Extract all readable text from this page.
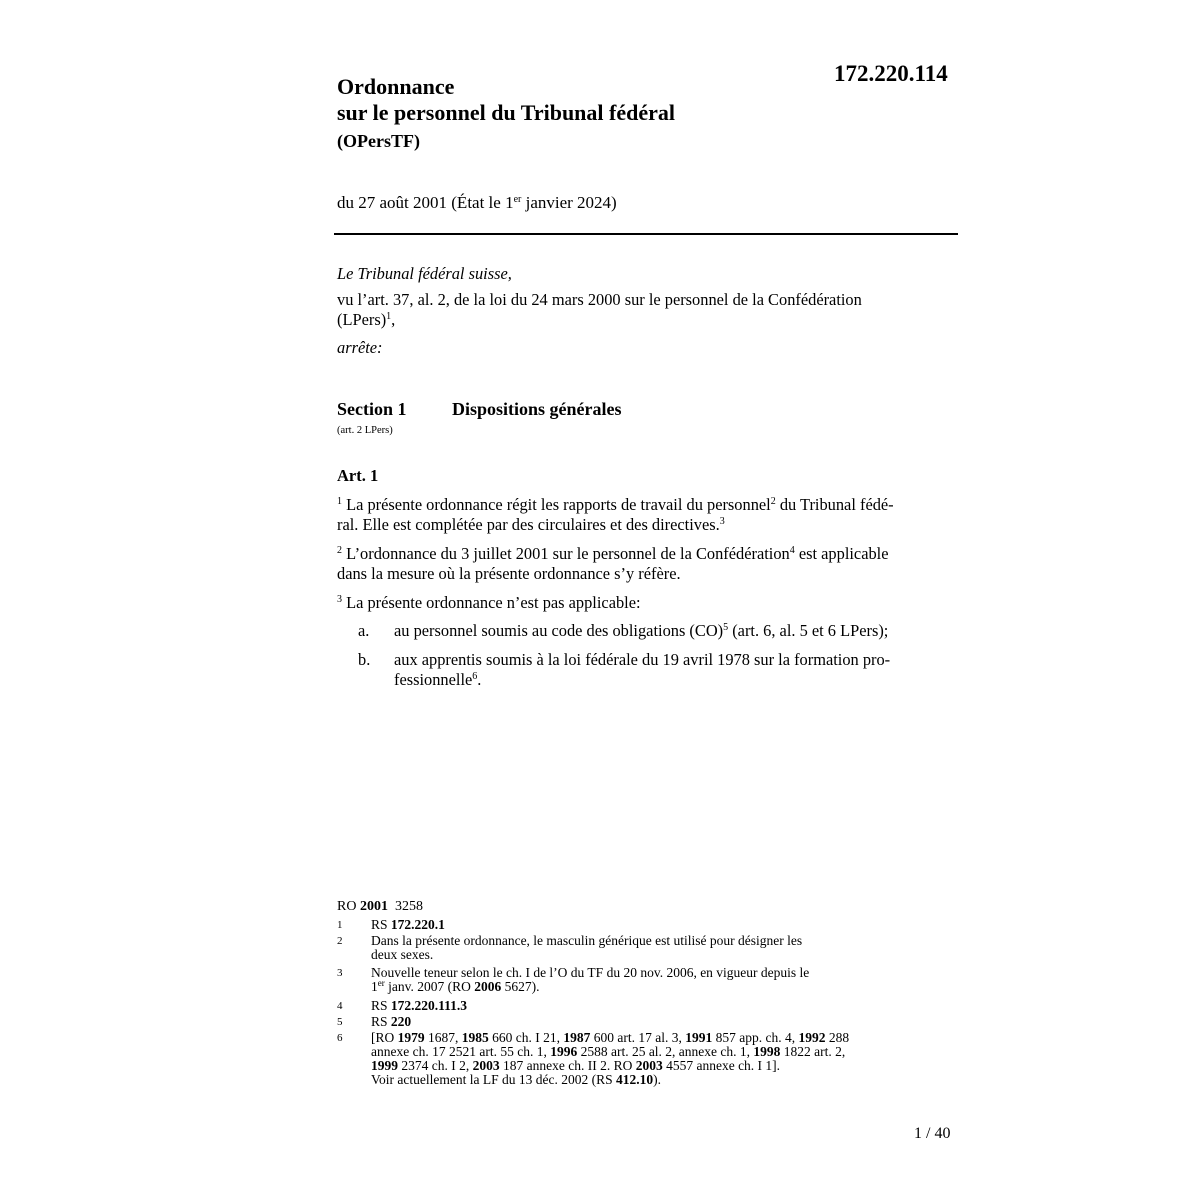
172.220.114
Ordonnance
sur le personnel du Tribunal fédéral
(OPersTF)
du 27 août 2001 (État le 1er janvier 2024)
Le Tribunal fédéral suisse,
vu l’art. 37, al. 2, de la loi du 24 mars 2000 sur le personnel de la Confédération
(LPers)$^1$,
arrête:
Section 1	Dispositions générales
(art. 2 LPers)
Art. 1
$^1$ La présente ordonnance régit les rapports de travail du personnel$^2$ du Tribunal fédé-
ral. Elle est complétée par des circulaires et des directives.$^3$
$^2$ L’ordonnance du 3 juillet 2001 sur le personnel de la Confédération$^4$ est applicable
dans la mesure où la présente ordonnance s’y réfère.
$^3$ La présente ordonnance n’est pas applicable:
a. au personnel soumis au code des obligations (CO)$^5$ (art. 6, al. 5 et 6 LPers);
b. aux apprentis soumis à la loi fédérale du 19 avril 1978 sur la formation pro-
fessionnelle$^6$.
RO 2001  3258
1 RS 172.220.1
2 Dans la présente ordonnance, le masculin générique est utilisé pour désigner les
deux sexes.
3 Nouvelle teneur selon le ch. I de l’O du TF du 20 nov. 2006, en vigueur depuis le
1er janv. 2007 (RO 2006 5627).
4 RS 172.220.111.3
5 RS 220
6 [RO 1979 1687, 1985 660 ch. I 21, 1987 600 art. 17 al. 3, 1991 857 app. ch. 4, 1992 288
annexe ch. 17 2521 art. 55 ch. 1, 1996 2588 art. 25 al. 2, annexe ch. 1, 1998 1822 art. 2,
1999 2374 ch. I 2, 2003 187 annexe ch. II 2. RO 2003 4557 annexe ch. I 1].
Voir actuellement la LF du 13 déc. 2002 (RS 412.10).
1 / 40
